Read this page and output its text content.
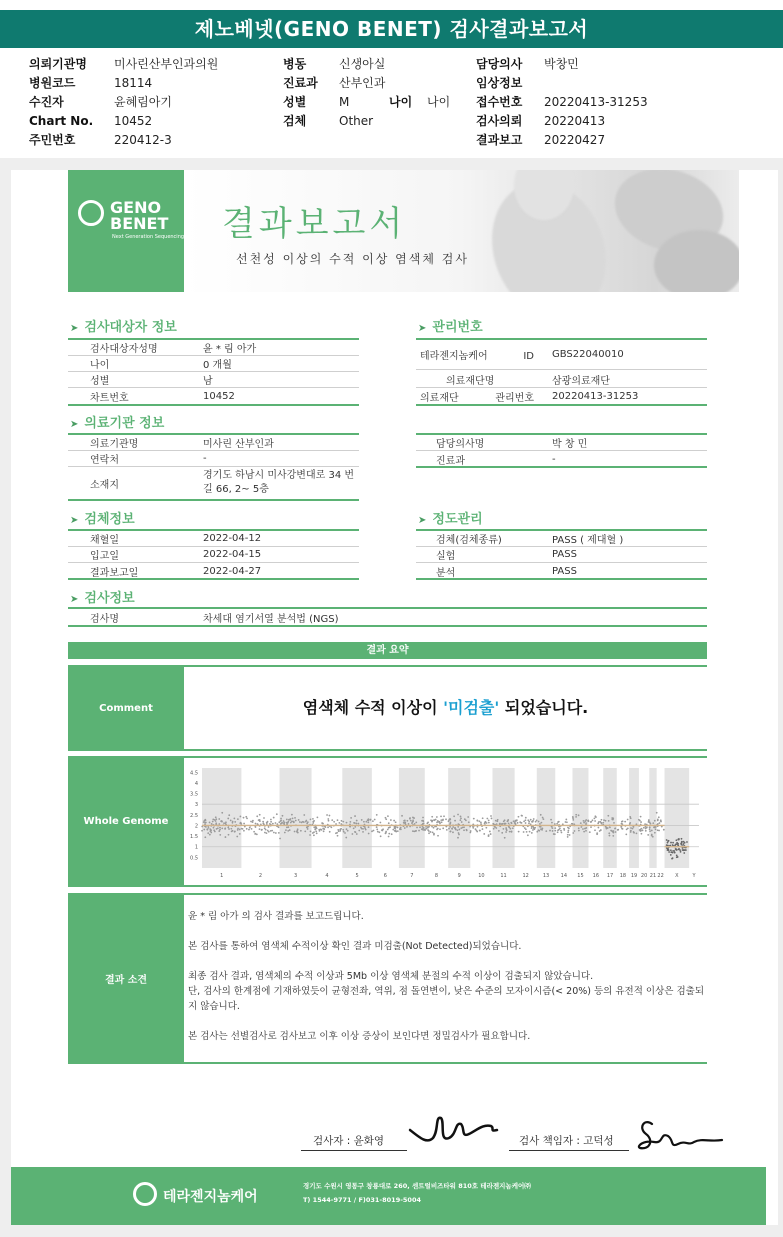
제노베넷(GENO BENET) 검사결과보고서
의뢰기관명	미사린산부인과의원
병원코드	18114
수진자	윤혜림아기
Chart No.	10452
주민번호	220412-3
병동	신생아실
진료과	산부인과
성별	M	나이	나이
검체	Other
담당의사	박창민
임상정보
접수번호	20220413-31253
검사의뢰	20220413
결과보고	20220427
GENO
BENET
Next Generation Sequencing 결과보고서
선천성 이상의 수적 이상 염색체 검사
➤ 검사대상자 정보
검사대상자성명	윤 * 림 아가
나이	0 개월
성별	남
차트번호	10452
➤ 관리번호
테라젠지놈케어 ID GBS22040010
의료재단명	삼광의료재단
의료재단 관리번호 20220413-31253
➤ 의료기관 정보
의료기관명	미사린 산부인과
연락처	-
소재지
경기도 하남시 미사강변대로 34 번길 66, 2~ 5층
담당의사명	박 창 민
진료과	-
➤ 검체정보
채혈일	2022-04-12
입고일	2022-04-15
결과보고일	2022-04-27
➤ 정도관리
검체(검체종류)	PASS ( 제대혈 )
실험	PASS
분석	PASS
➤ 검사정보
검사명	차세대 염기서열 분석법 (NGS)
결과 요약
Comment	염색체 수적 이상이 '미검출' 되었습니다.
Whole Genome
4.5
4
3.5
3
2.5
2
1.5
1
0.5
1	2	3	4	5	6	7	8	9	10	11	12	13 14 15 16 17 18 19 20 21 22 X	Y
결과 소견

윤 * 림 아가 의 검사 결과를 보고드립니다.

본 검사를 통하여 염색체 수적이상 확인 결과 미검출(Not Detected)되었습니다.

최종 검사 결과, 염색체의 수적 이상과 5Mb 이상 염색체 분절의 수적 이상이 검출되지 않았습니다.

단, 검사의 한계점에 기재하였듯이 균형전좌, 역위, 점 돌연변이, 낮은 수준의 모자이시즘(< 20%) 등의 유전적 이상은 검출되지 않습니다.

본 검사는 선별검사로 검사보고 이후 이상 증상이 보인다면 정밀검사가 필요합니다.

검사자 : 윤화영	검사 책임자 : 고덕성
테라젠지놈케어
경기도 수원시 영통구 창룡대로 260, 센트럴비즈타워 810호 테라젠지놈케어㈜
T) 1544-9771 / F)031-8019-5004
